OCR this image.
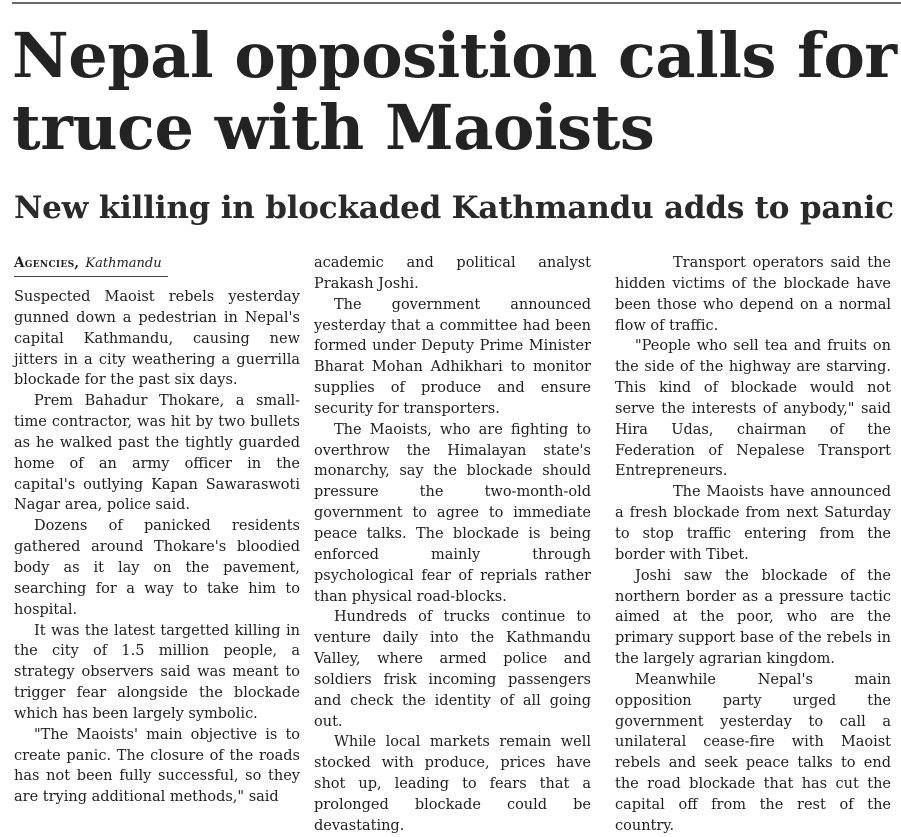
Nepal opposition calls for truce with Maoists
New killing in blockaded Kathmandu adds to panic
Agencies, Kathmandu

Suspected Maoist rebels yesterday gunned down a pedestrian in Nepal's capital Kathmandu, causing new jitters in a city weathering a guerrilla blockade for the past six days.

Prem Bahadur Thokare, a small-time contractor, was hit by two bullets as he walked past the tightly guarded home of an army officer in the capital's outlying Kapan Sawaraswoti Nagar area, police said.

Dozens of panicked residents gathered around Thokare's bloodied body as it lay on the pavement, searching for a way to take him to hospital.

It was the latest targetted killing in the city of 1.5 million people, a strategy observers said was meant to trigger fear alongside the blockade which has been largely symbolic.

"The Maoists' main objective is to create panic. The closure of the roads has not been fully successful, so they are trying additional methods," said

academic and political analyst Prakash Joshi.

The government announced yesterday that a committee had been formed under Deputy Prime Minister Bharat Mohan Adhikhari to monitor supplies of produce and ensure security for transporters.

The Maoists, who are fighting to overthrow the Himalayan state's monarchy, say the blockade should pressure the two-month-old government to agree to immediate peace talks. The blockade is being enforced mainly through psychological fear of reprials rather than physical road-blocks.

Hundreds of trucks continue to venture daily into the Kathmandu Valley, where armed police and soldiers frisk incoming passengers and check the identity of all going out.

While local markets remain well stocked with produce, prices have shot up, leading to fears that a prolonged blockade could be devastating.

Transport operators said the hidden victims of the blockade have been those who depend on a normal flow of traffic.

"People who sell tea and fruits on the side of the highway are starving. This kind of blockade would not serve the interests of anybody," said Hira Udas, chairman of the Federation of Nepalese Transport Entrepreneurs.

The Maoists have announced a fresh blockade from next Saturday to stop traffic entering from the border with Tibet.

Joshi saw the blockade of the northern border as a pressure tactic aimed at the poor, who are the primary support base of the rebels in the largely agrarian kingdom.

Meanwhile Nepal's main opposition party urged the government yesterday to call a unilateral cease-fire with Maoist rebels and seek peace talks to end the road blockade that has cut the capital off from the rest of the country.
